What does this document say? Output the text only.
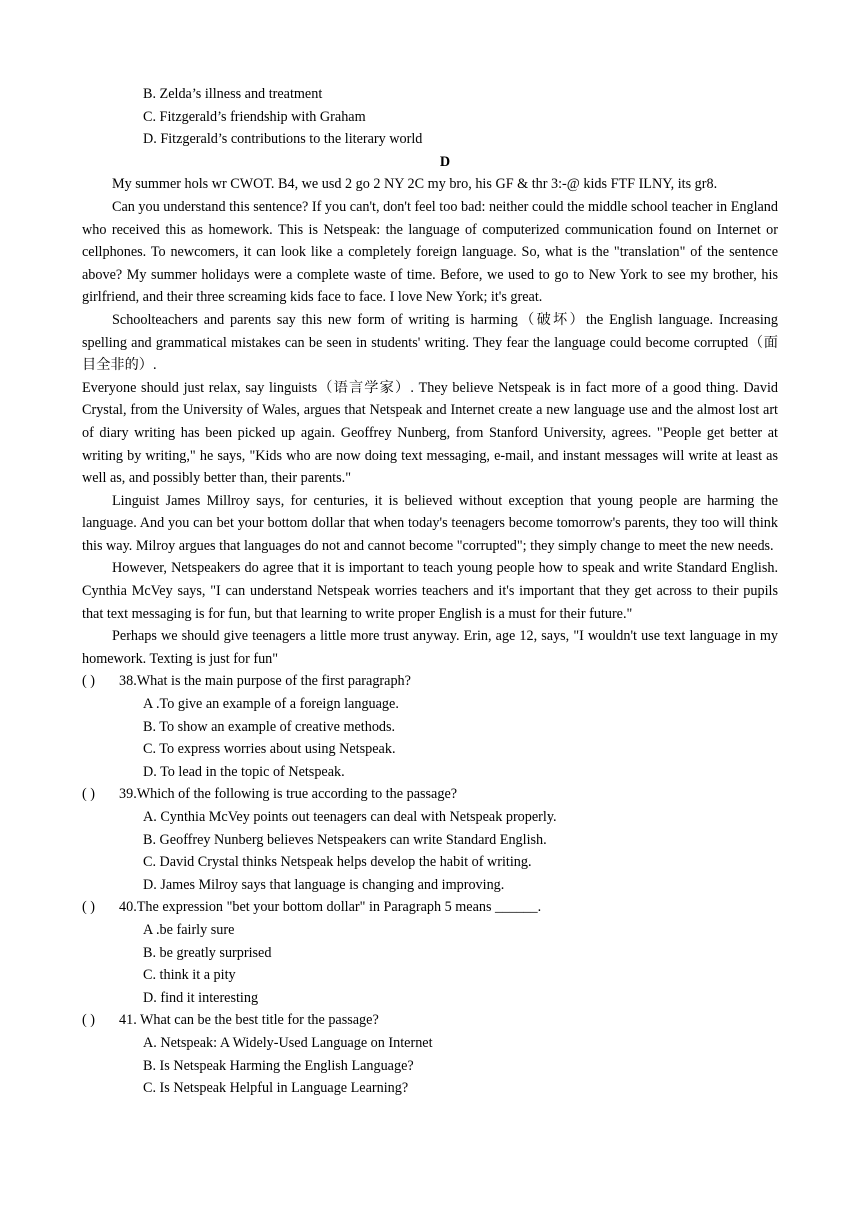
B. Zelda’s illness and treatment
C. Fitzgerald’s friendship with Graham
D. Fitzgerald’s contributions to the literary world
D
My summer hols wr CWOT. B4, we usd 2 go 2 NY 2C my bro, his GF & thr 3:-@ kids FTF ILNY, its gr8.
Can you understand this sentence? If you can't, don't feel too bad: neither could the middle school teacher in England who received this as homework. This is Netspeak: the language of computerized communication found on Internet or cellphones. To newcomers, it can look like a completely foreign language. So, what is the "translation" of the sentence above? My summer holidays were a complete waste of time. Before, we used to go to New York to see my brother, his girlfriend, and their three screaming kids face to face. I love New York; it's great.
Schoolteachers and parents say this new form of writing is harming（破坏）the English language. Increasing spelling and grammatical mistakes can be seen in students' writing. They fear the language could become corrupted（面目全非的）.
Everyone should just relax, say linguists（语言学家）. They believe Netspeak is in fact more of a good thing. David Crystal, from the University of Wales, argues that Netspeak and Internet create a new language use and the almost lost art of diary writing has been picked up again. Geoffrey Nunberg, from Stanford University, agrees. "People get better at writing by writing," he says, "Kids who are now doing text messaging, e-mail, and instant messages will write at least as well as, and possibly better than, their parents."
Linguist James Millroy says, for centuries, it is believed without exception that young people are harming the language. And you can bet your bottom dollar that when today's teenagers become tomorrow's parents, they too will think this way. Milroy argues that languages do not and cannot become "corrupted"; they simply change to meet the new needs.
However, Netspeakers do agree that it is important to teach young people how to speak and write Standard English. Cynthia McVey says, "I can understand Netspeak worries teachers and it's important that they get across to their pupils that text messaging is for fun, but that learning to write proper English is a must for their future."
Perhaps we should give teenagers a little more trust anyway. Erin, age 12, says, "I wouldn't use text language in my homework. Texting is just for fun"
( ) 38.What is the main purpose of the first paragraph?
A .To give an example of a foreign language.
B. To show an example of creative methods.
C. To express worries about using Netspeak.
D. To lead in the topic of Netspeak.
( ) 39.Which of the following is true according to the passage?
A. Cynthia McVey points out teenagers can deal with Netspeak properly.
B. Geoffrey Nunberg believes Netspeakers can write Standard English.
C. David Crystal thinks Netspeak helps develop the habit of writing.
D. James Milroy says that language is changing and improving.
( ) 40.The expression "bet your bottom dollar" in Paragraph 5 means ______.
A .be fairly sure
B. be greatly surprised
C. think it a pity
D. find it interesting
( ) 41. What can be the best title for the passage?
A. Netspeak: A Widely-Used Language on Internet
B. Is Netspeak Harming the English Language?
C. Is Netspeak Helpful in Language Learning?
